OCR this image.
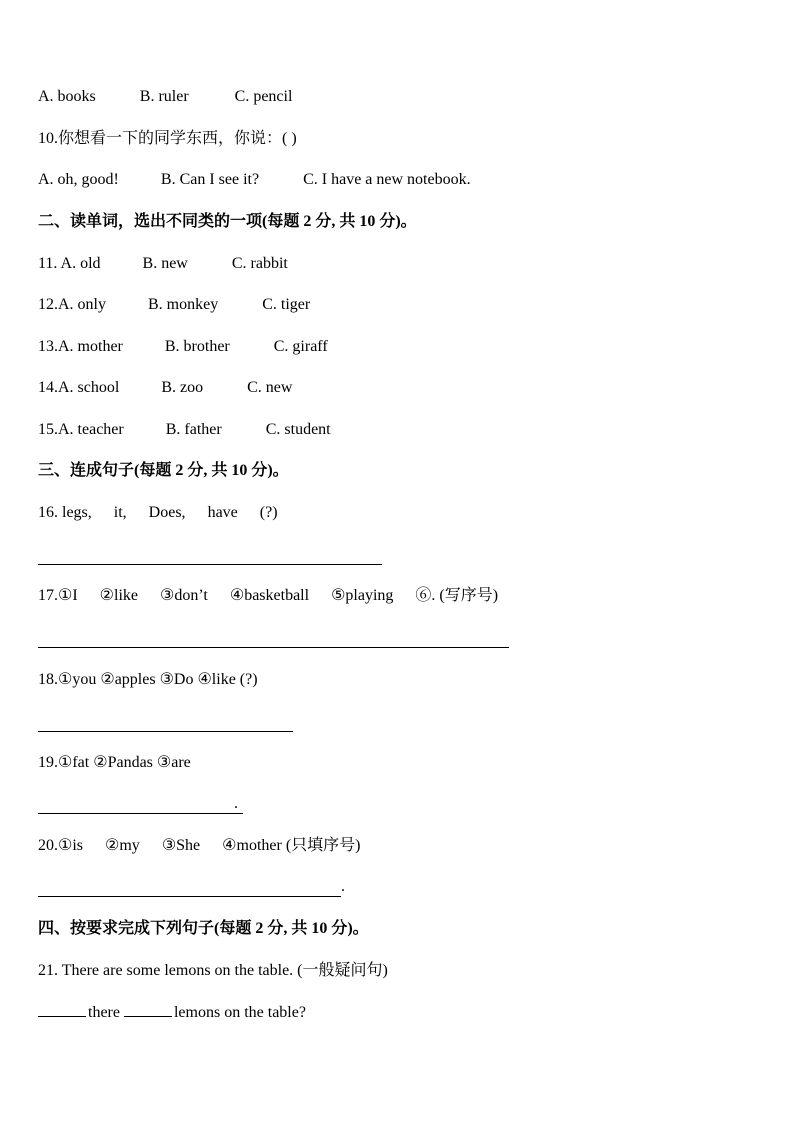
A. books	B. ruler	C. pencil
10.你想看一下的同学东西，你说：( )
A. oh, good!	B. Can I see it?	C. I have a new notebook.
二、读单词，选出不同类的一项(每题 2 分, 共 10 分)。
11. A. old	B. new	C. rabbit
12.A. only	B. monkey	C. tiger
13.A. mother	B. brother	C. giraff
14.A. school	B. zoo	C. new
15.A. teacher	B. father	C. student
三、连成句子(每题 2 分, 共 10 分)。
16. legs, it, Does, have (?)
17.①I ②like ③don’t ④basketball ⑤playing ⑥. (写序号)
18.①you ②apples ③Do ④like (?)
19.①fat ②Pandas ③are
.
20.①is ②my ③She ④mother (只填序号)
.
四、按要求完成下列句子(每题 2 分, 共 10 分)。
21. There are some lemons on the table. (一般疑问句)
there	lemons on the table?
